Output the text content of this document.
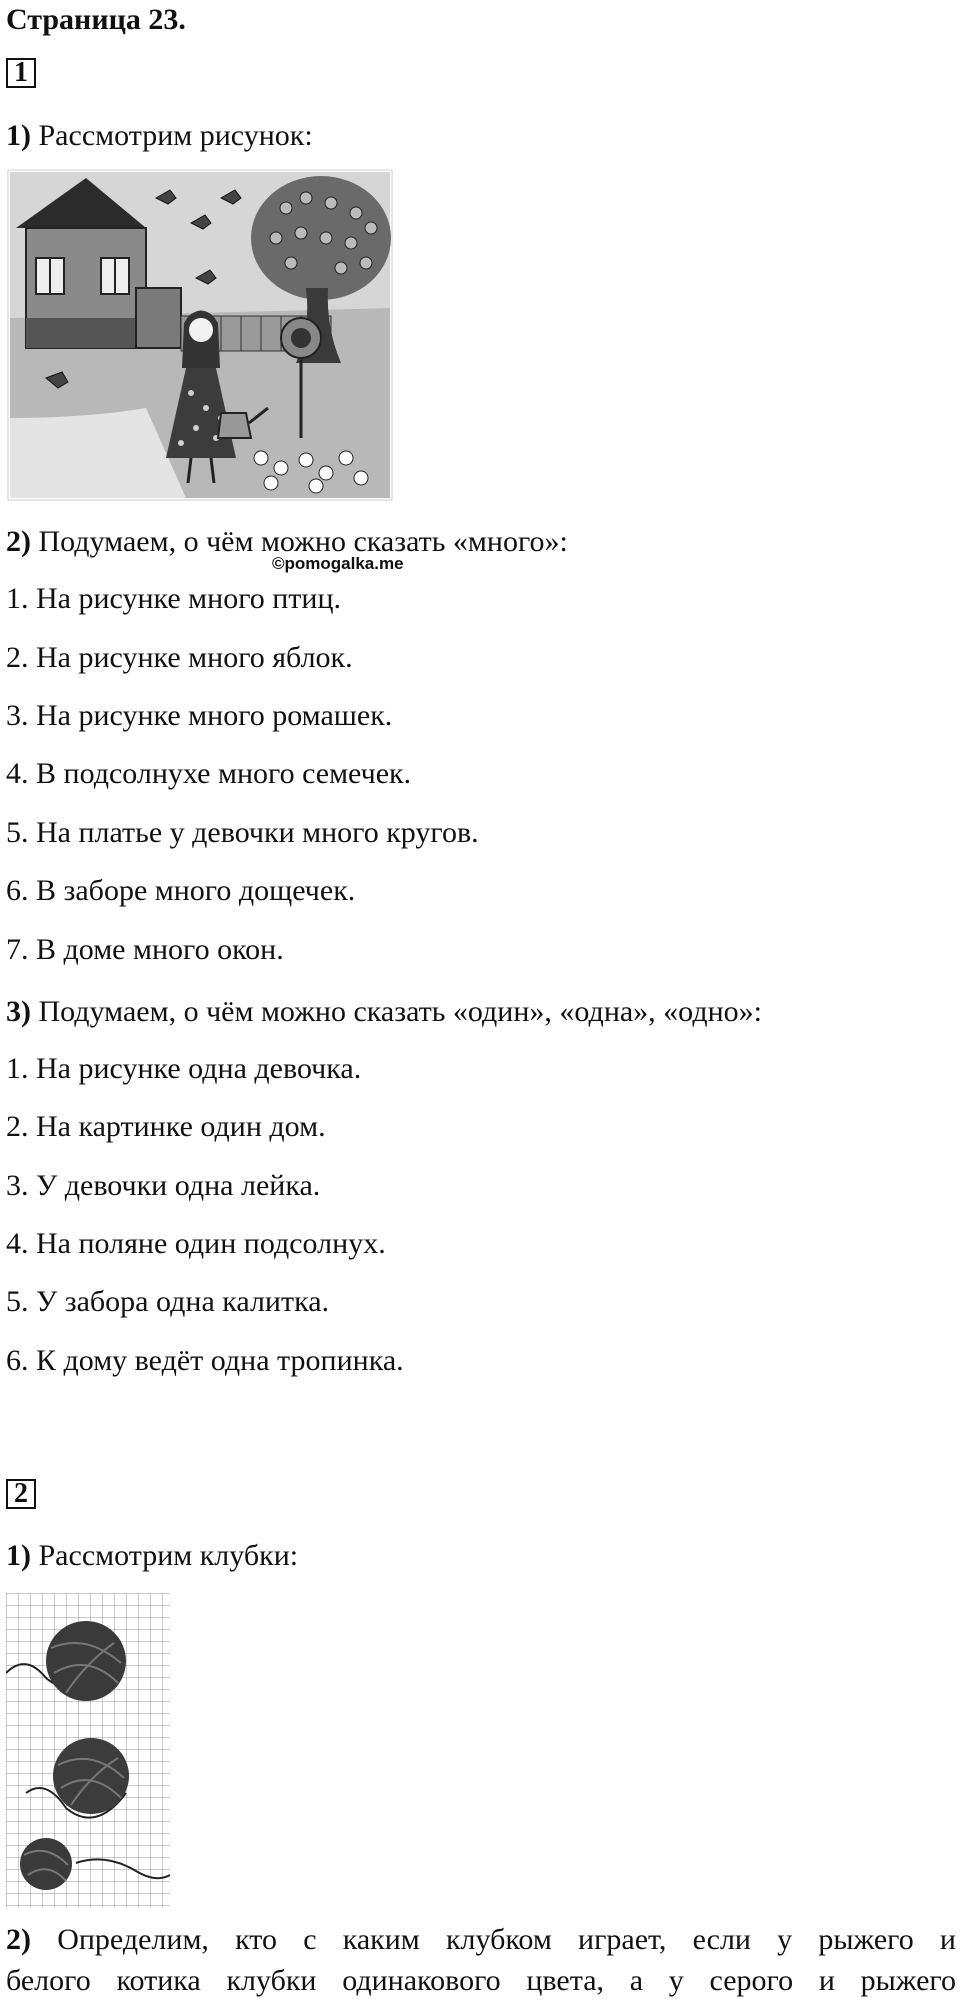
Страница 23.
1
1) Рассмотрим рисунок:
2) Подумаем, о чём можно сказать «много»:
©pomogalka.me
1. На рисунке много птиц.
2. На рисунке много яблок.
3. На рисунке много ромашек.
4. В подсолнухе много семечек.
5. На платье у девочки много кругов.
6. В заборе много дощечек.
7. В доме много окон.
3) Подумаем, о чём можно сказать «один», «одна», «одно»:
1. На рисунке одна девочка.
2. На картинке один дом.
3. У девочки одна лейка.
4. На поляне один подсолнух.
5. У забора одна калитка.
6. К дому ведёт одна тропинка.
2
1) Рассмотрим клубки:
2) Определим, кто с каким клубком играет, если у рыжего и
белого котика клубки одинакового цвета, а у серого и рыжего
